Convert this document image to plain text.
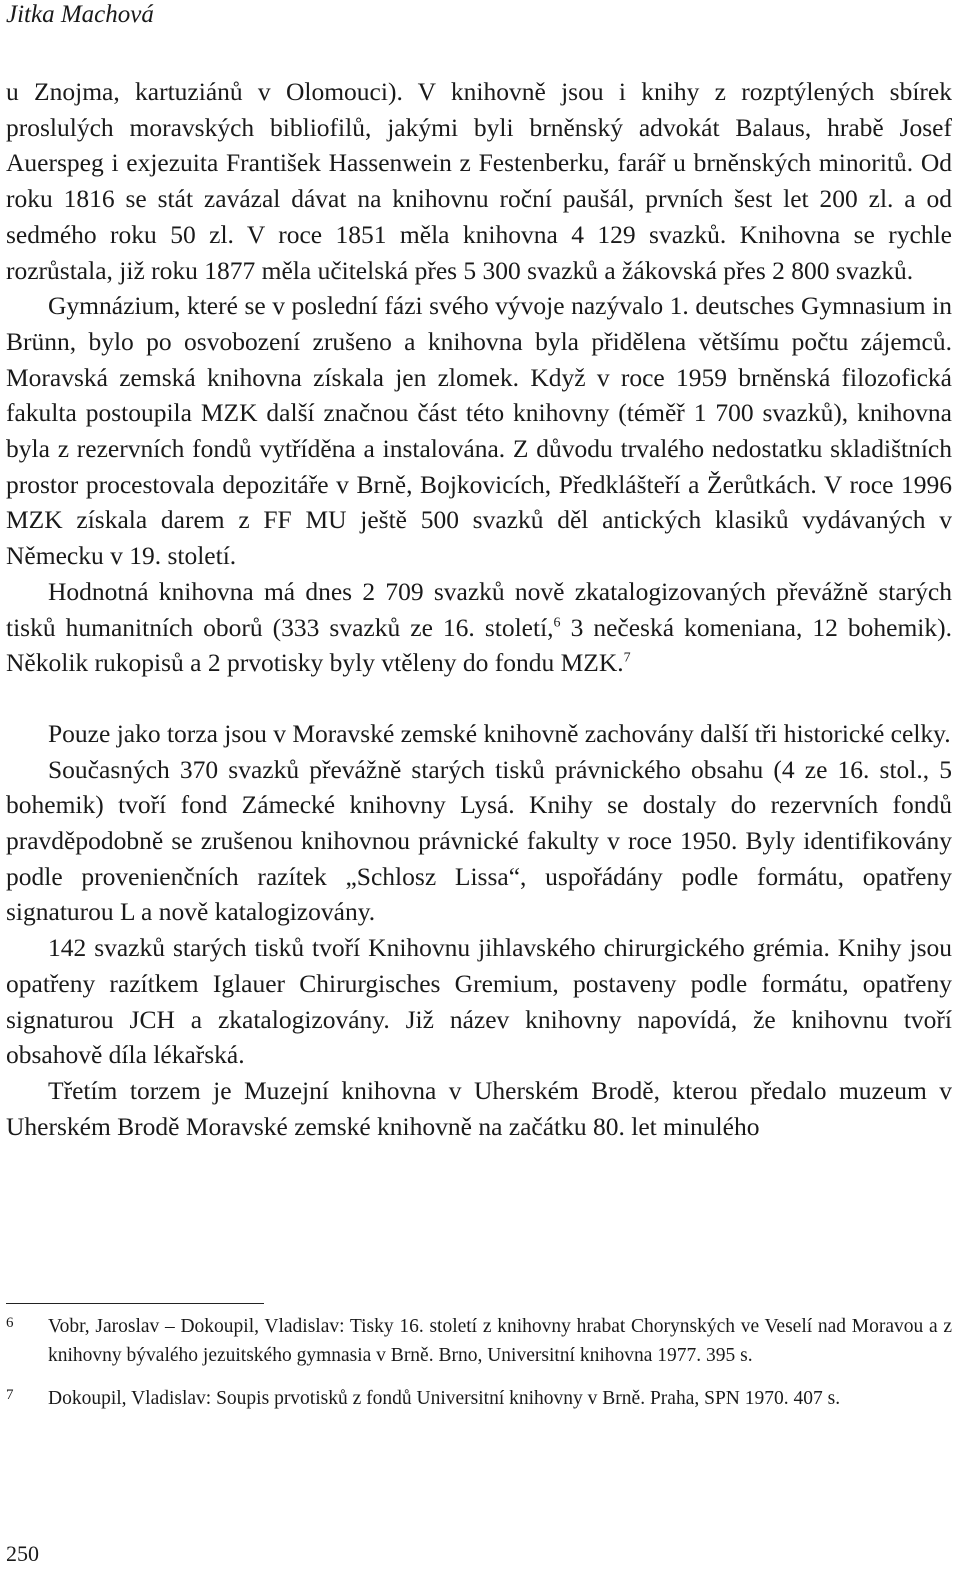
Jitka Machová

u Znojma, kartuziánů v Olomouci). V knihovně jsou i knihy z rozptýlených sbírek proslulých moravských bibliofilů, jakými byli brněnský advokát Balaus, hrabě Josef Auerspeg i exjezuita František Hassenwein z Festenberku, farář u brněnských minoritů. Od roku 1816 se stát zavázal dávat na knihovnu roční paušál, prvních šest let 200 zl. a od sedmého roku 50 zl. V roce 1851 měla knihovna 4 129 svazků. Knihovna se rychle rozrůstala, již roku 1877 měla učitelská přes 5 300 svazků a žákovská přes 2 800 svazků.

Gymnázium, které se v poslední fázi svého vývoje nazývalo 1. deutsches Gymnasium in Brünn, bylo po osvobození zrušeno a knihovna byla přidělena většímu počtu zájemců. Moravská zemská knihovna získala jen zlomek. Když v roce 1959 brněnská filozofická fakulta postoupila MZK další značnou část této knihovny (téměř 1 700 svazků), knihovna byla z rezervních fondů vytříděna a instalována. Z důvodu trvalého nedostatku skladištních prostor procestovala depozitáře v Brně, Bojkovicích, Předklášteří a Žerůtkách. V roce 1996 MZK získala darem z FF MU ještě 500 svazků děl antických klasiků vydávaných v Německu v 19. století.

Hodnotná knihovna má dnes 2 709 svazků nově zkatalogizovaných převážně starých tisků humanitních oborů (333 svazků ze 16. století,$^6$ 3 nečeská komeniana, 12 bohemik). Několik rukopisů a 2 prvotisky byly vtěleny do fondu MZK.$^7$

Pouze jako torza jsou v Moravské zemské knihovně zachovány další tři historické celky.

Současných 370 svazků převážně starých tisků právnického obsahu (4 ze 16. stol., 5 bohemik) tvoří fond Zámecké knihovny Lysá. Knihy se dostaly do rezervních fondů pravděpodobně se zrušenou knihovnou právnické fakulty v roce 1950. Byly identifikovány podle provenienčních razítek „Schlosz Lissa“, uspořádány podle formátu, opatřeny signaturou L a nově katalogizovány.

142 svazků starých tisků tvoří Knihovnu jihlavského chirurgického grémia. Knihy jsou opatřeny razítkem Iglauer Chirurgisches Gremium, postaveny podle formátu, opatřeny signaturou JCH a zkatalogizovány. Již název knihovny napovídá, že knihovnu tvoří obsahově díla lékařská.

Třetím torzem je Muzejní knihovna v Uherském Brodě, kterou předalo muzeum v Uherském Brodě Moravské zemské knihovně na začátku 80. let minulého

6	Vobr, Jaroslav – Dokoupil, Vladislav: Tisky 16. století z knihovny hrabat Chorynských ve Veselí nad Moravou a z knihovny bývalého jezuitského gymnasia v Brně. Brno, Universitní knihovna 1977. 395 s.
7	Dokoupil, Vladislav: Soupis prvotisků z fondů Universitní knihovny v Brně. Praha, SPN 1970. 407 s.
250
